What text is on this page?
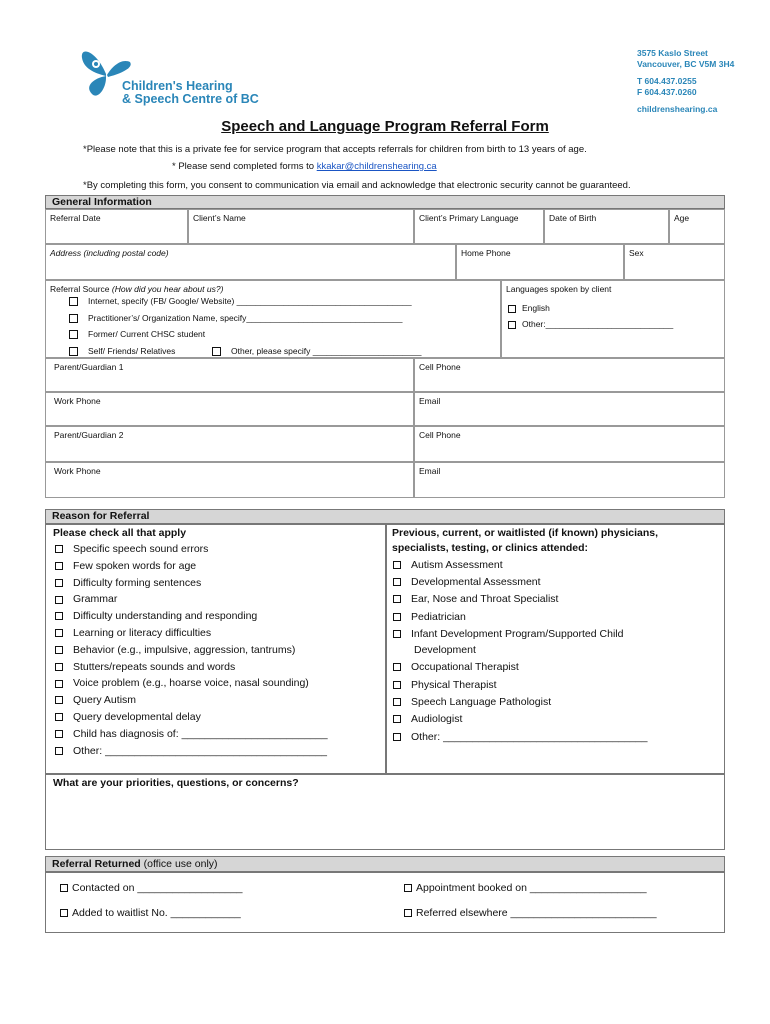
Children's Hearing
& Speech Centre of BC
3575 Kaslo Street
Vancouver, BC V5M 3H4
T 604.437.0255
F 604.437.0260
childrenshearing.ca
Speech and Language Program Referral Form
*Please note that this is a private fee for service program that accepts referrals for children from birth to 13 years of age.
* Please send completed forms to kkakar@childrenshearing.ca
*By completing this form, you consent to communication via email and acknowledge that electronic security cannot be guaranteed.
General Information
Referral Date	Client’s Name	Client’s Primary Language	Date of Birth	Age
Address (including postal code)	Home Phone	Sex
Referral Source (How did you hear about us?)
Internet, specify (FB/ Google/ Website) _____________________________________
Practitioner’s/ Organization Name, specify_________________________________
Former/ Current CHSC student
Self/ Friends/ Relatives	Other, please specify _______________________
Languages spoken by client
English
Other:___________________________
Parent/Guardian 1	Cell Phone
Work Phone	Email
Parent/Guardian 2	Cell Phone
Work Phone	Email
Reason for Referral
Please check all that apply
Specific speech sound errors
Few spoken words for age
Difficulty forming sentences
Grammar
Difficulty understanding and responding
Learning or literacy difficulties
Behavior (e.g., impulsive, aggression, tantrums)
Stutters/repeats sounds and words
Voice problem (e.g., hoarse voice, nasal sounding)
Query Autism
Query developmental delay
Child has diagnosis of: _________________________
Other: ______________________________________
Previous, current, or waitlisted (if known) physicians,
specialists, testing, or clinics attended:
Autism Assessment
Developmental Assessment
Ear, Nose and Throat Specialist
Pediatrician
Infant Development Program/Supported Child
Occupational Therapist
Physical Therapist
Speech Language Pathologist
Audiologist
Other: ___________________________________
Development
What are your priorities, questions, or concerns?
Referral Returned (office use only)
Contacted on __________________	Appointment booked on ____________________
Added to waitlist No. ____________	Referred elsewhere _________________________
